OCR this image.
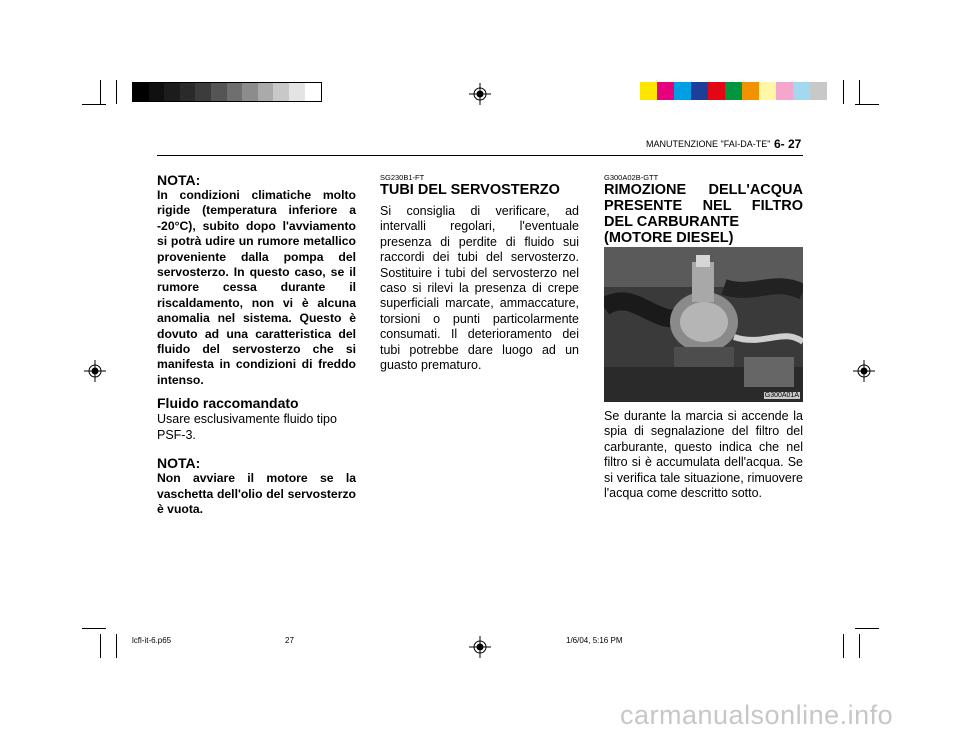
MANUTENZIONE "FAI-DA-TE" 6- 27
NOTA:
In condizioni climatiche molto rigide (temperatura inferiore a -20°C), subito dopo l'avviamento si potrà udire un rumore metallico proveniente dalla pompa del servosterzo. In questo caso, se il rumore cessa durante il riscaldamento, non vi è alcuna anomalia nel sistema. Questo è dovuto ad una caratteristica del fluido del servosterzo che si manifesta in condizioni di freddo intenso.
Fluido raccomandato
Usare esclusivamente fluido tipo PSF-3.
NOTA:
Non avviare il motore se la vaschetta dell'olio del servosterzo è vuota.
SG230B1-FT
TUBI DEL SERVOSTERZO
Si consiglia di verificare, ad intervalli regolari, l'eventuale presenza di perdite di fluido sui raccordi dei tubi del servosterzo. Sostituire i tubi del servosterzo nel caso si rilevi la presenza di crepe superficiali marcate, ammaccature, torsioni o punti particolarmente consumati. Il deterioramento dei tubi potrebbe dare luogo ad un guasto prematuro.
G300A02B-GTT
RIMOZIONE DELL'ACQUA PRESENTE NEL FILTRO DEL CARBURANTE
(MOTORE DIESEL)
G300A01A
Se durante la marcia si accende la spia di segnalazione del filtro del carburante, questo indica che nel filtro si è accumulata dell'acqua. Se si verifica tale situazione, rimuovere l'acqua come descritto sotto.
lcfl-it-6.p65	27	1/6/04, 5:16 PM
carmanualsonline.info
